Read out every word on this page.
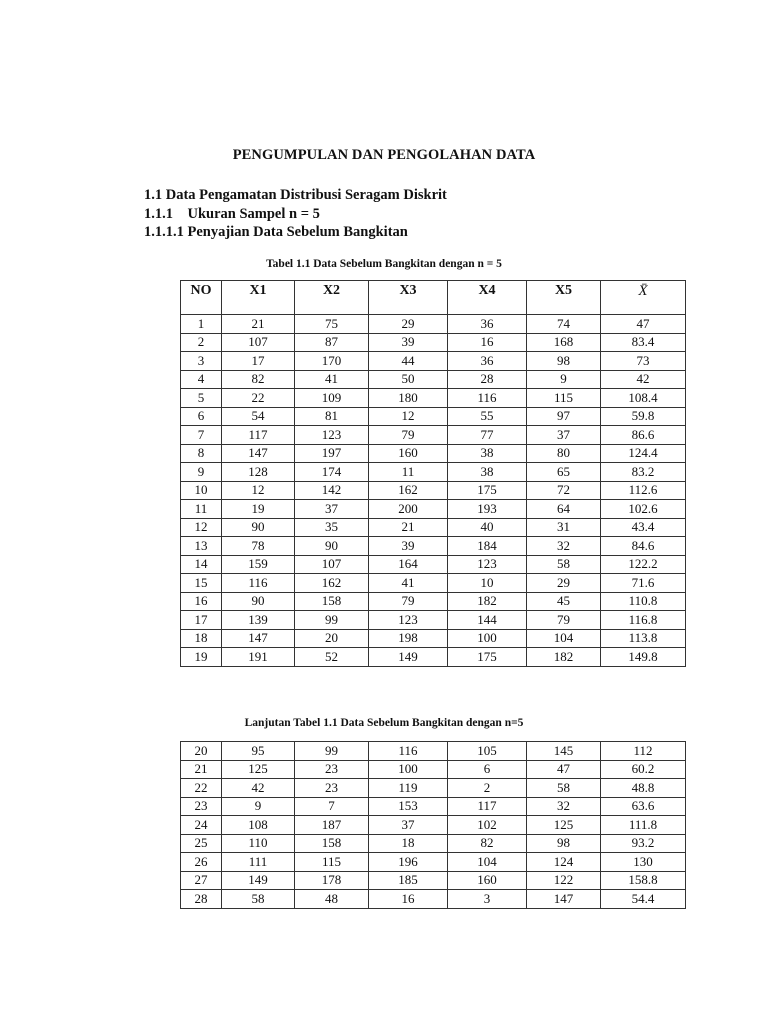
PENGUMPULAN DAN PENGOLAHAN DATA
1.1 Data Pengamatan Distribusi Seragam Diskrit
1.1.1    Ukuran Sampel n = 5
1.1.1.1 Penyajian Data Sebelum Bangkitan
Tabel 1.1 Data Sebelum Bangkitan dengan n = 5
NO	X1	X2	X3	X4	X5	X̄
1	21	75	29	36	74	47
2	107	87	39	16	168	83.4
3	17	170	44	36	98	73
4	82	41	50	28	9	42
5	22	109	180	116	115	108.4
6	54	81	12	55	97	59.8
7	117	123	79	77	37	86.6
8	147	197	160	38	80	124.4
9	128	174	11	38	65	83.2
10	12	142	162	175	72	112.6
11	19	37	200	193	64	102.6
12	90	35	21	40	31	43.4
13	78	90	39	184	32	84.6
14	159	107	164	123	58	122.2
15	116	162	41	10	29	71.6
16	90	158	79	182	45	110.8
17	139	99	123	144	79	116.8
18	147	20	198	100	104	113.8
19	191	52	149	175	182	149.8
Lanjutan Tabel 1.1 Data Sebelum Bangkitan dengan n=5
20	95	99	116	105	145	112
21	125	23	100	6	47	60.2
22	42	23	119	2	58	48.8
23	9	7	153	117	32	63.6
24	108	187	37	102	125	111.8
25	110	158	18	82	98	93.2
26	111	115	196	104	124	130
27	149	178	185	160	122	158.8
28	58	48	16	3	147	54.4
